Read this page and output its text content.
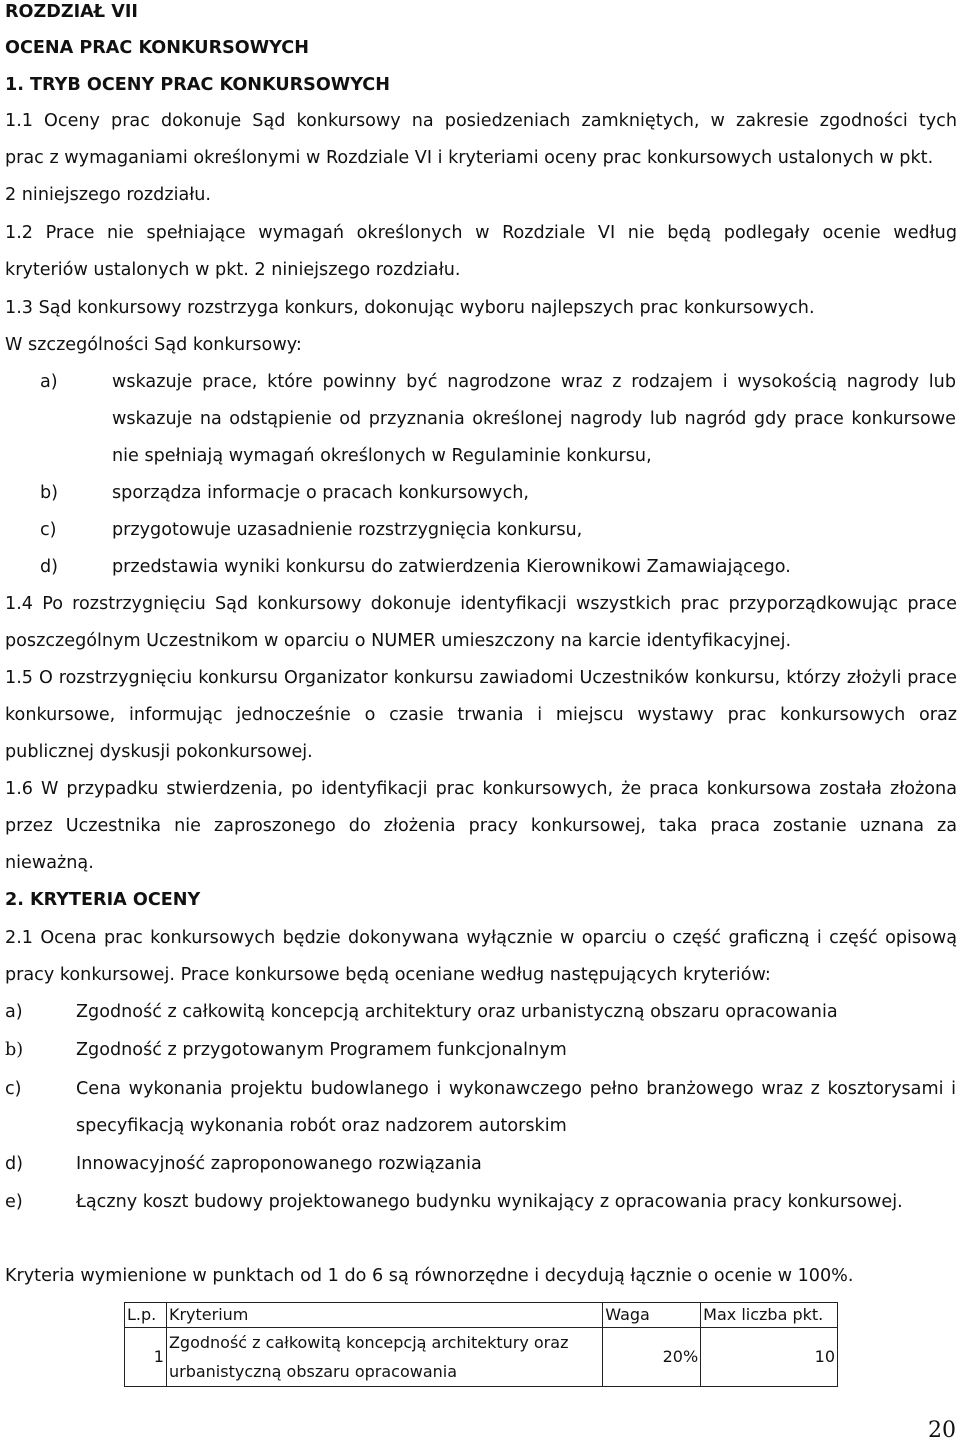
ROZDZIAŁ VII
OCENA PRAC KONKURSOWYCH
1. TRYB OCENY PRAC KONKURSOWYCH
1.1 Oceny prac dokonuje Sąd konkursowy na posiedzeniach zamkniętych, w zakresie zgodności tych
prac z wymaganiami określonymi w Rozdziale VI i kryteriami oceny prac konkursowych ustalonych w pkt.
2 niniejszego rozdziału.
1.2 Prace nie spełniające wymagań określonych w Rozdziale VI nie będą podlegały ocenie według
kryteriów ustalonych w pkt. 2 niniejszego rozdziału.
1.3 Sąd konkursowy rozstrzyga konkurs, dokonując wyboru najlepszych prac konkursowych.
W szczególności Sąd konkursowy:
a)	wskazuje prace, które powinny być nagrodzone wraz z rodzajem i wysokością nagrody lub wskazuje na odstąpienie od przyznania określonej nagrody lub nagród gdy prace konkursowe nie spełniają wymagań określonych w Regulaminie konkursu,
b)	sporządza informacje o pracach konkursowych,
c)	przygotowuje uzasadnienie rozstrzygnięcia konkursu,
d)	przedstawia wyniki konkursu do zatwierdzenia Kierownikowi Zamawiającego.
1.4 Po rozstrzygnięciu Sąd konkursowy dokonuje identyfikacji wszystkich prac przyporządkowując prace poszczególnym Uczestnikom w oparciu o NUMER umieszczony na karcie identyfikacyjnej.
1.5 O rozstrzygnięciu konkursu Organizator konkursu zawiadomi Uczestników konkursu, którzy złożyli prace konkursowe, informując jednocześnie o czasie trwania i miejscu wystawy prac konkursowych oraz publicznej dyskusji pokonkursowej.
1.6 W przypadku stwierdzenia, po identyfikacji prac konkursowych, że praca konkursowa została złożona przez Uczestnika nie zaproszonego do złożenia pracy konkursowej, taka praca zostanie uznana za nieważną.
2. KRYTERIA OCENY
2.1 Ocena prac konkursowych będzie dokonywana wyłącznie w oparciu o część graficzną i część opisową pracy konkursowej. Prace konkursowe będą oceniane według następujących kryteriów:
a)	Zgodność z całkowitą koncepcją architektury oraz urbanistyczną obszaru opracowania
b)	Zgodność z przygotowanym Programem funkcjonalnym
c)	Cena wykonania projektu budowlanego i wykonawczego pełno branżowego wraz z kosztorysami i specyfikacją wykonania robót oraz nadzorem autorskim
d)	Innowacyjność zaproponowanego rozwiązania
e)	Łączny koszt budowy projektowanego budynku wynikający z opracowania pracy konkursowej.
Kryteria wymienione w punktach od 1 do 6 są równorzędne i decydują łącznie o ocenie w 100%.
L.p.	Kryterium	Waga	Max liczba pkt.
1	Zgodność z całkowitą koncepcją architektury oraz urbanistyczną obszaru opracowania	20%	10
20
